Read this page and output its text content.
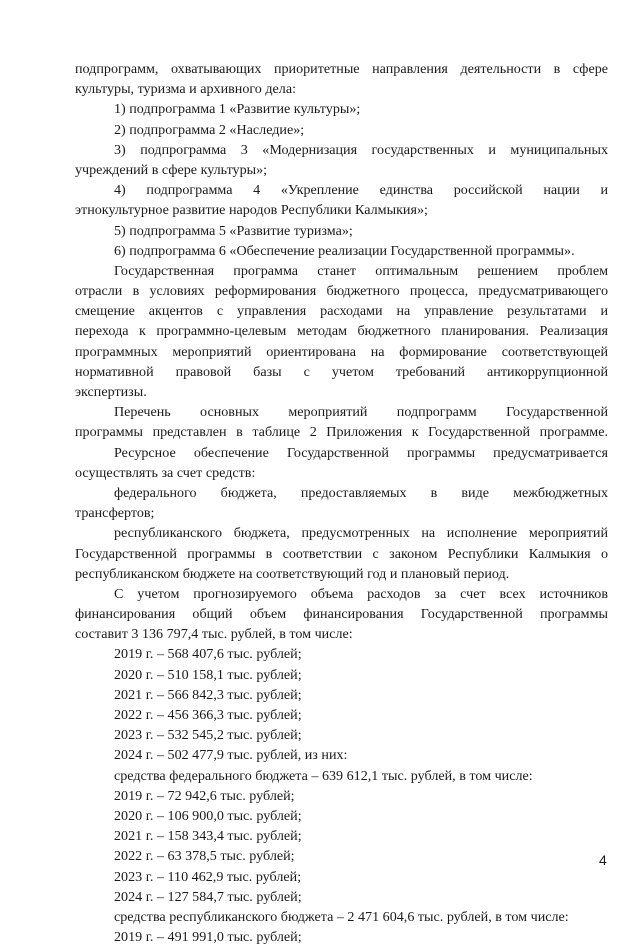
подпрограмм, охватывающих приоритетные направления деятельности в сфере
культуры, туризма и архивного дела:
1) подпрограмма 1 «Развитие культуры»;
2) подпрограмма 2 «Наследие»;
3) подпрограмма 3 «Модернизация государственных и муниципальных
учреждений в сфере культуры»;
4) подпрограмма 4 «Укрепление единства российской нации и
этнокультурное развитие народов Республики Калмыкия»;
5) подпрограмма 5 «Развитие туризма»;
6) подпрограмма 6 «Обеспечение реализации Государственной программы».
Государственная программа станет оптимальным решением проблем
отрасли в условиях реформирования бюджетного процесса, предусматривающего
смещение акцентов с управления расходами на управление результатами и
перехода к программно-целевым методам бюджетного планирования. Реализация
программных мероприятий ориентирована на формирование соответствующей
нормативной правовой базы с учетом требований антикоррупционной
экспертизы.
Перечень основных мероприятий подпрограмм Государственной
программы представлен в таблице 2 Приложения к Государственной программе.
Ресурсное обеспечение Государственной программы предусматривается
осуществлять за счет средств:
федерального бюджета, предоставляемых в виде межбюджетных
трансфертов;
республиканского бюджета, предусмотренных на исполнение мероприятий
Государственной программы в соответствии с законом Республики Калмыкия о
республиканском бюджете на соответствующий год и плановый период.
С учетом прогнозируемого объема расходов за счет всех источников
финансирования общий объем финансирования Государственной программы
составит 3 136 797,4 тыс. рублей, в том числе:
2019 г. – 568 407,6 тыс. рублей;
2020 г. – 510 158,1 тыс. рублей;
2021 г. – 566 842,3 тыс. рублей;
2022 г. – 456 366,3 тыс. рублей;
2023 г. – 532 545,2 тыс. рублей;
2024 г. – 502 477,9 тыс. рублей, из них:
средства федерального бюджета – 639 612,1 тыс. рублей, в том числе:
2019 г. – 72 942,6 тыс. рублей;
2020 г. – 106 900,0 тыс. рублей;
2021 г. – 158 343,4 тыс. рублей;
2022 г. – 63 378,5 тыс. рублей;
2023 г. – 110 462,9 тыс. рублей;
2024 г. – 127 584,7 тыс. рублей;
средства республиканского бюджета – 2 471 604,6 тыс. рублей, в том числе:
2019 г. – 491 991,0 тыс. рублей;
4
